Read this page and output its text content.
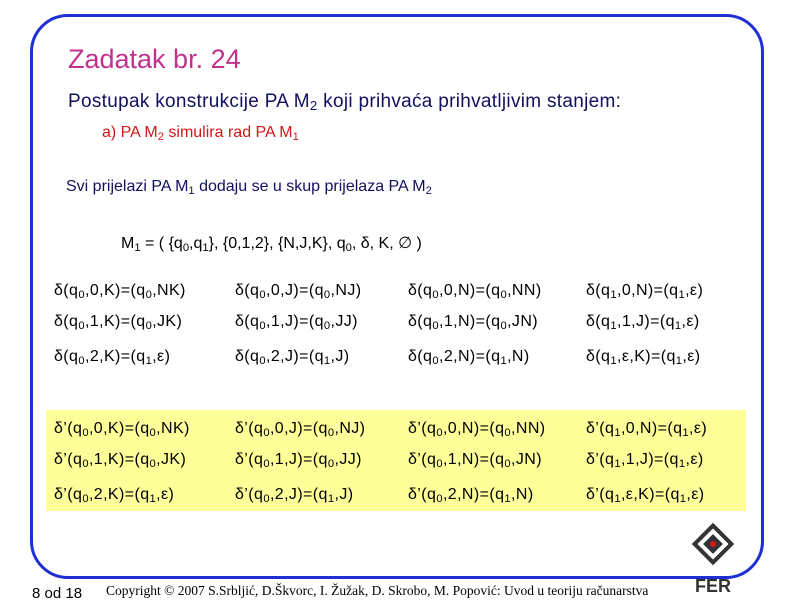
Zadatak br. 24
Postupak konstrukcije PA $M_2$ koji prihvaća prihvatljivim stanjem:
a) PA $M_2$ simulira rad PA $M_1$
Svi prijelazi PA $M_1$ dodaju se u skup prijelaza PA $M_2$
$M_1$ = ( $\{q_0,q_1\}$, {0,1,2}, {N,J,K}, $q_0$, δ, K, ∅ )
$\delta(q_0,0,K)=(q_0,NK)$	$\delta(q_0,0,J)=(q_0,NJ)$	$\delta(q_0,0,N)=(q_0,NN)$	$\delta(q_1,0,N)=(q_1,\varepsilon)$
$\delta(q_0,1,K)=(q_0,JK)$	$\delta(q_0,1,J)=(q_0,JJ)$	$\delta(q_0,1,N)=(q_0,JN)$	$\delta(q_1,1,J)=(q_1,\varepsilon)$
$\delta(q_0,2,K)=(q_1,\varepsilon)$	$\delta(q_0,2,J)=(q_1,J)$	$\delta(q_0,2,N)=(q_1,N)$	$\delta(q_1,\varepsilon,K)=(q_1,\varepsilon)$
$\delta’(q_0,0,K)=(q_0,NK)$	$\delta’(q_0,0,J)=(q_0,NJ)$	$\delta’(q_0,0,N)=(q_0,NN)$	$\delta’(q_1,0,N)=(q_1,\varepsilon)$
$\delta’(q_0,1,K)=(q_0,JK)$	$\delta’(q_0,1,J)=(q_0,JJ)$	$\delta’(q_0,1,N)=(q_0,JN)$	$\delta’(q_1,1,J)=(q_1,\varepsilon)$
$\delta’(q_0,2,K)=(q_1,\varepsilon)$	$\delta’(q_0,2,J)=(q_1,J)$	$\delta’(q_0,2,N)=(q_1,N)$	$\delta’(q_1,\varepsilon,K)=(q_1,\varepsilon)$
8 od 18 Copyright © 2007 S.Srbljić, D.Škvorc, I. Žužak, D. Skrobo, M. Popović: Uvod u teoriju računarstva	FER
